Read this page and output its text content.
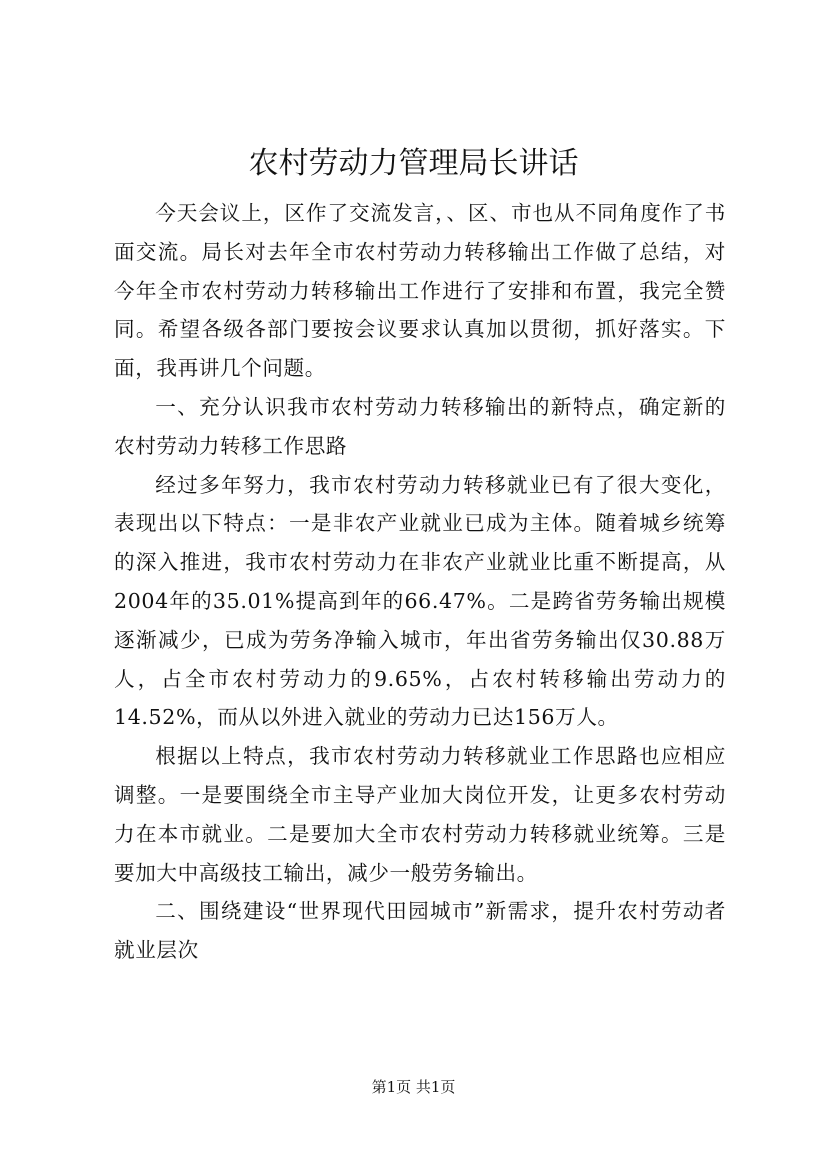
农村劳动力管理局长讲话

今天会议上，区作了交流发言，、区、市也从不同角度作了书面交流。局长对去年全市农村劳动力转移输出工作做了总结，对今年全市农村劳动力转移输出工作进行了安排和布置，我完全赞同。希望各级各部门要按会议要求认真加以贯彻，抓好落实。下面，我再讲几个问题。

一、充分认识我市农村劳动力转移输出的新特点，确定新的农村劳动力转移工作思路

经过多年努力，我市农村劳动力转移就业已有了很大变化，表现出以下特点：一是非农产业就业已成为主体。随着城乡统筹的深入推进，我市农村劳动力在非农产业就业比重不断提高，从2004年的35.01%提高到年的66.47%。二是跨省劳务输出规模逐渐减少，已成为劳务净输入城市，年出省劳务输出仅30.88万人，占全市农村劳动力的9.65%，占农村转移输出劳动力的14.52%，而从以外进入就业的劳动力已达156万人。

根据以上特点，我市农村劳动力转移就业工作思路也应相应调整。一是要围绕全市主导产业加大岗位开发，让更多农村劳动力在本市就业。二是要加大全市农村劳动力转移就业统筹。三是要加大中高级技工输出，减少一般劳务输出。

二、围绕建设“世界现代田园城市”新需求，提升农村劳动者就业层次

第1页 共1页
